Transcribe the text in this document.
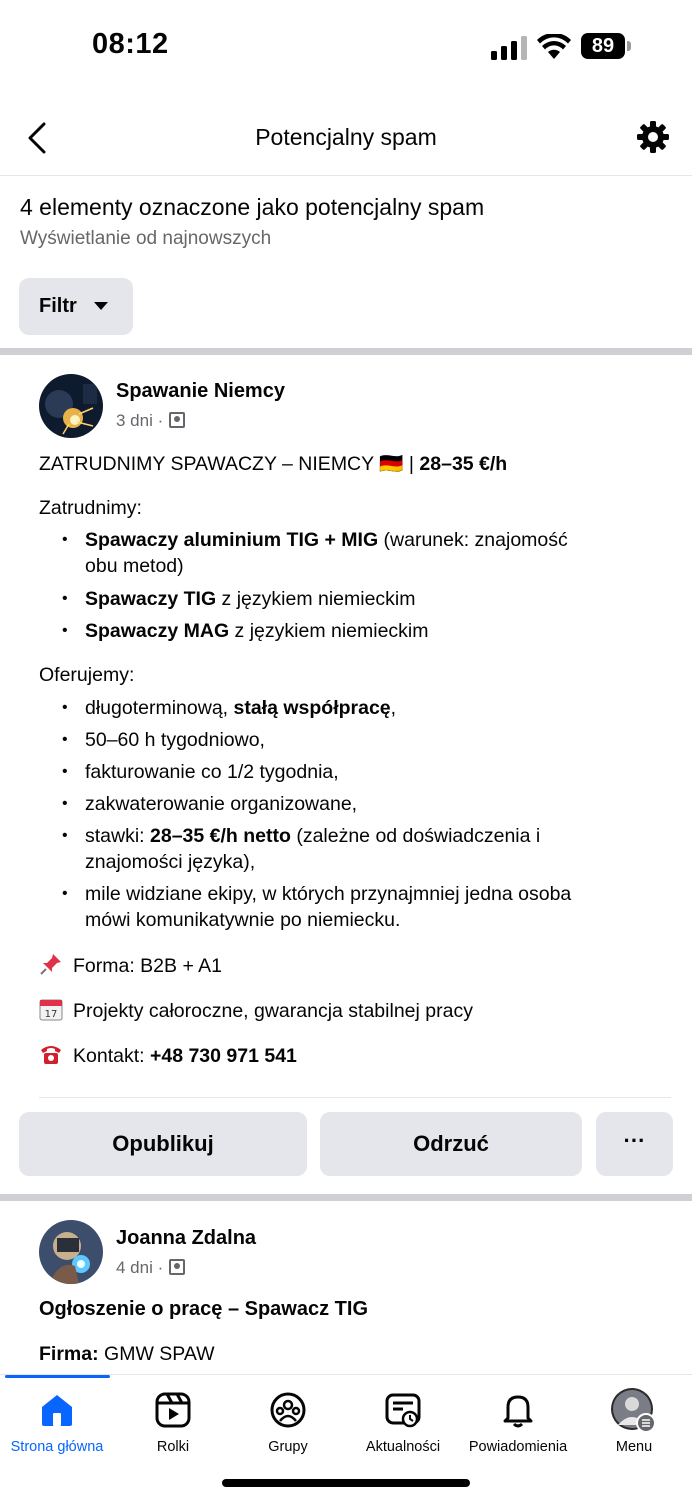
08:12	89
Potencjalny spam
4 elementy oznaczone jako potencjalny spam
Wyświetlanie od najnowszych
Filtr
Spawanie Niemcy
3 dni ·
ZATRUDNIMY SPAWACZY – NIEMCY 🇩🇪 | 28–35 €/h
Zatrudnimy:
• Spawaczy aluminium TIG + MIG (warunek: znajomość
obu metod)
• Spawaczy TIG z językiem niemieckim
• Spawaczy MAG z językiem niemieckim
Oferujemy:
• długoterminową, stałą współpracę,
• 50–60 h tygodniowo,
• fakturowanie co 1/2 tygodnia,
• zakwaterowanie organizowane,
• stawki: 28–35 €/h netto (zależne od doświadczenia i
znajomości języka),
• mile widziane ekipy, w których przynajmniej jedna osoba
mówi komunikatywnie po niemiecku.
Forma: B2B + A1
17 Projekty całoroczne, gwarancja stabilnej pracy
Kontakt: +48 730 971 541
Opublikuj	Odrzuć	···
Joanna Zdalna
4 dni ·
Ogłoszenie o pracę – Spawacz TIG
Firma: GMW SPAW
Strona główna	Rolki	Grupy	Aktualności	Powiadomienia	Menu
